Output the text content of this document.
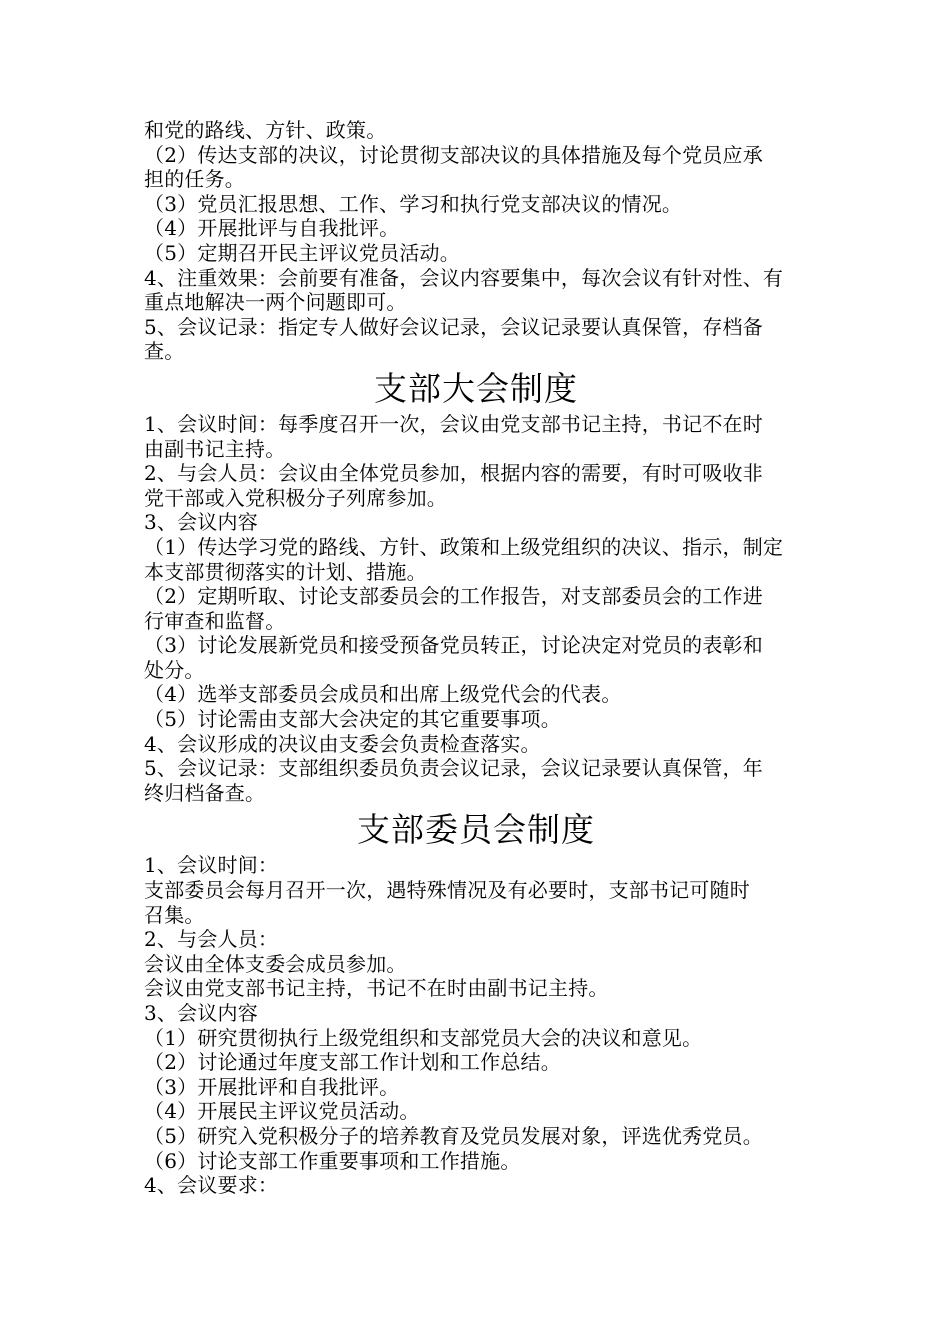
和党的路线、方针、政策。
（2）传达支部的决议，讨论贯彻支部决议的具体措施及每个党员应承
担的任务。
（3）党员汇报思想、工作、学习和执行党支部决议的情况。
（4）开展批评与自我批评。
（5）定期召开民主评议党员活动。
4、注重效果：会前要有准备，会议内容要集中，每次会议有针对性、有
重点地解决一两个问题即可。
5、会议记录：指定专人做好会议记录，会议记录要认真保管，存档备
查。
支部大会制度
1、会议时间：每季度召开一次，会议由党支部书记主持，书记不在时
由副书记主持。
2、与会人员：会议由全体党员参加，根据内容的需要，有时可吸收非
党干部或入党积极分子列席参加。
3、会议内容
（1）传达学习党的路线、方针、政策和上级党组织的决议、指示，制定
本支部贯彻落实的计划、措施。
（2）定期听取、讨论支部委员会的工作报告，对支部委员会的工作进
行审查和监督。
（3）讨论发展新党员和接受预备党员转正，讨论决定对党员的表彰和
处分。
（4）选举支部委员会成员和出席上级党代会的代表。
（5）讨论需由支部大会决定的其它重要事项。
4、会议形成的决议由支委会负责检查落实。
5、会议记录：支部组织委员负责会议记录，会议记录要认真保管，年
终归档备查。
支部委员会制度
1、会议时间：
支部委员会每月召开一次，遇特殊情况及有必要时，支部书记可随时
召集。
2、与会人员：
会议由全体支委会成员参加。
会议由党支部书记主持，书记不在时由副书记主持。
3、会议内容
（1）研究贯彻执行上级党组织和支部党员大会的决议和意见。
（2）讨论通过年度支部工作计划和工作总结。
（3）开展批评和自我批评。
（4）开展民主评议党员活动。
（5）研究入党积极分子的培养教育及党员发展对象，评选优秀党员。
（6）讨论支部工作重要事项和工作措施。
4、会议要求：
